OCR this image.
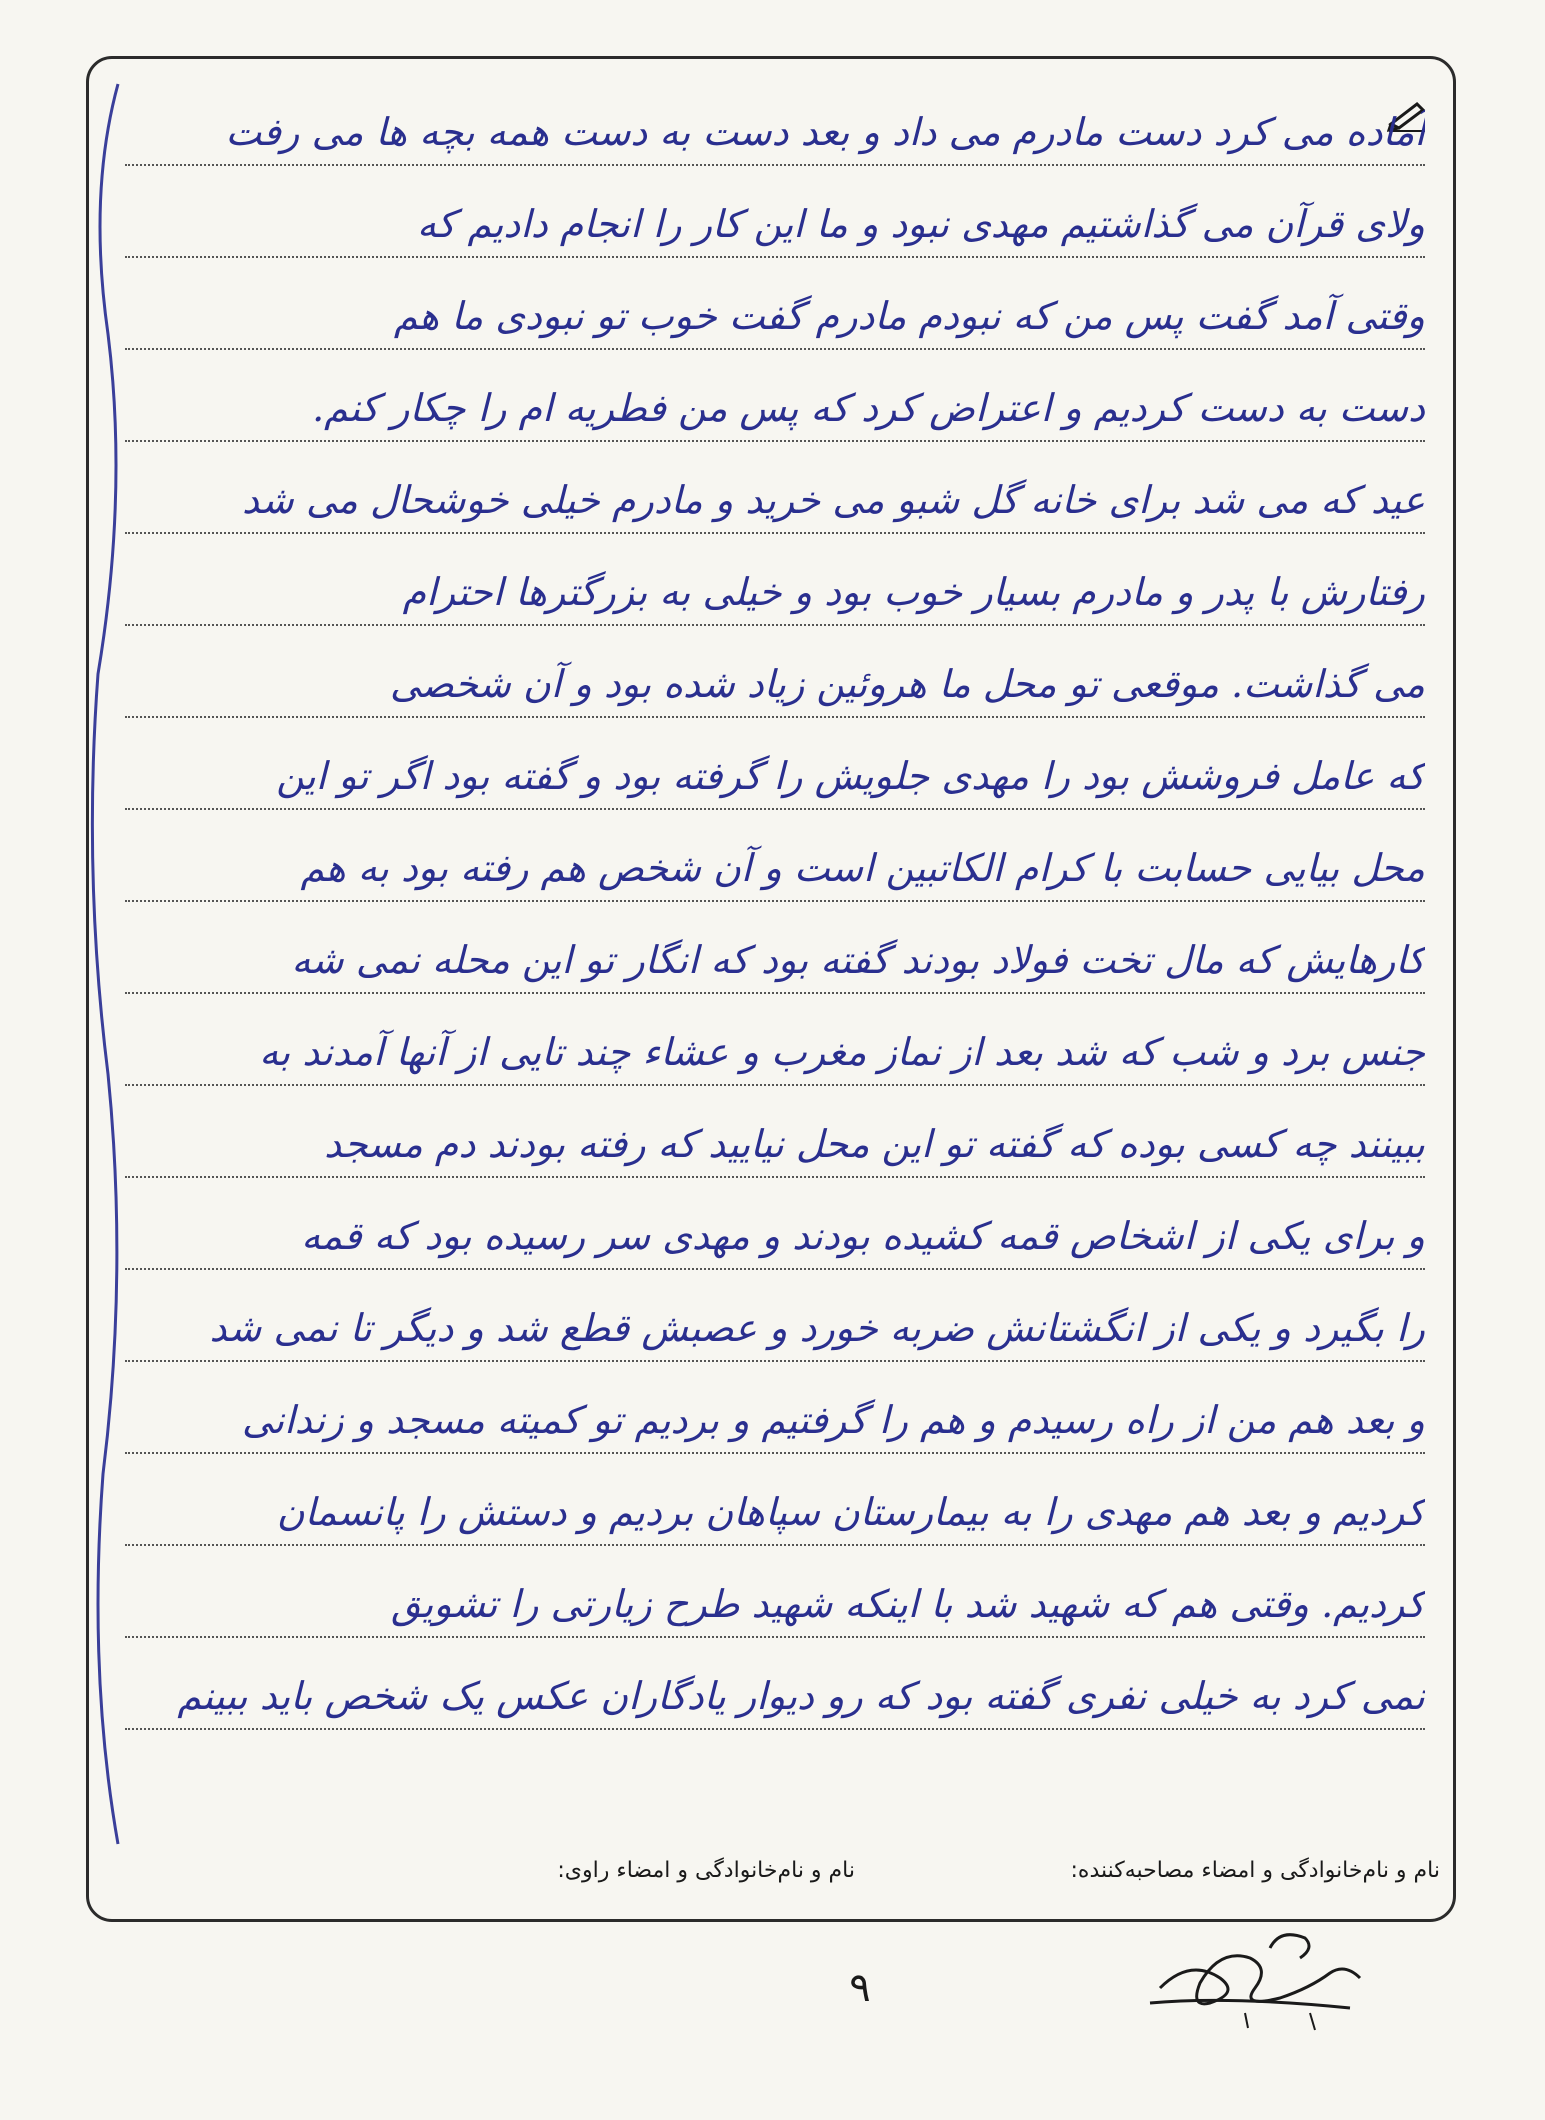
آماده می کرد دست مادرم می داد و بعد دست به دست همه بچه ها می رفت
ولای قرآن می گذاشتیم مهدی نبود و ما این کار را انجام دادیم که
وقتی آمد گفت پس من که نبودم مادرم گفت خوب تو نبودی ما هم
دست به دست کردیم و اعتراض کرد که پس من فطریه ام را چکار کنم.
عید که می شد برای خانه گل شبو می خرید و مادرم خیلی خوشحال می شد
رفتارش با پدر و مادرم بسیار خوب بود و خیلی به بزرگترها احترام
می گذاشت. موقعی تو محل ما هروئین زیاد شده بود و آن شخصی
که عامل فروشش بود را مهدی جلویش را گرفته بود و گفته بود اگر تو این
محل بیایی حسابت با کرام الکاتبین است و آن شخص هم رفته بود به هم
کارهایش که مال تخت فولاد بودند گفته بود که انگار تو این محله نمی شه
جنس برد و شب که شد بعد از نماز مغرب و عشاء چند تایی از آنها آمدند به
ببینند چه کسی بوده که گفته تو این محل نیایید که رفته بودند دم مسجد
و برای یکی از اشخاص قمه کشیده بودند و مهدی سر رسیده بود که قمه
را بگیرد و یکی از انگشتانش ضربه خورد و عصبش قطع شد و دیگر تا نمی شد
و بعد هم من از راه رسیدم و هم را گرفتیم و بردیم تو کمیته مسجد و زندانی
کردیم و بعد هم مهدی را به بیمارستان سپاهان بردیم و دستش را پانسمان
کردیم. وقتی هم که شهید شد با اینکه شهید طرح زیارتی را تشویق
نمی کرد به خیلی نفری گفته بود که رو دیوار یادگاران عکس یک شخص باید ببینم
نام و نام‌خانوادگی و امضاء مصاحبه‌کننده:
نام و نام‌خانوادگی و امضاء راوی:
۹
